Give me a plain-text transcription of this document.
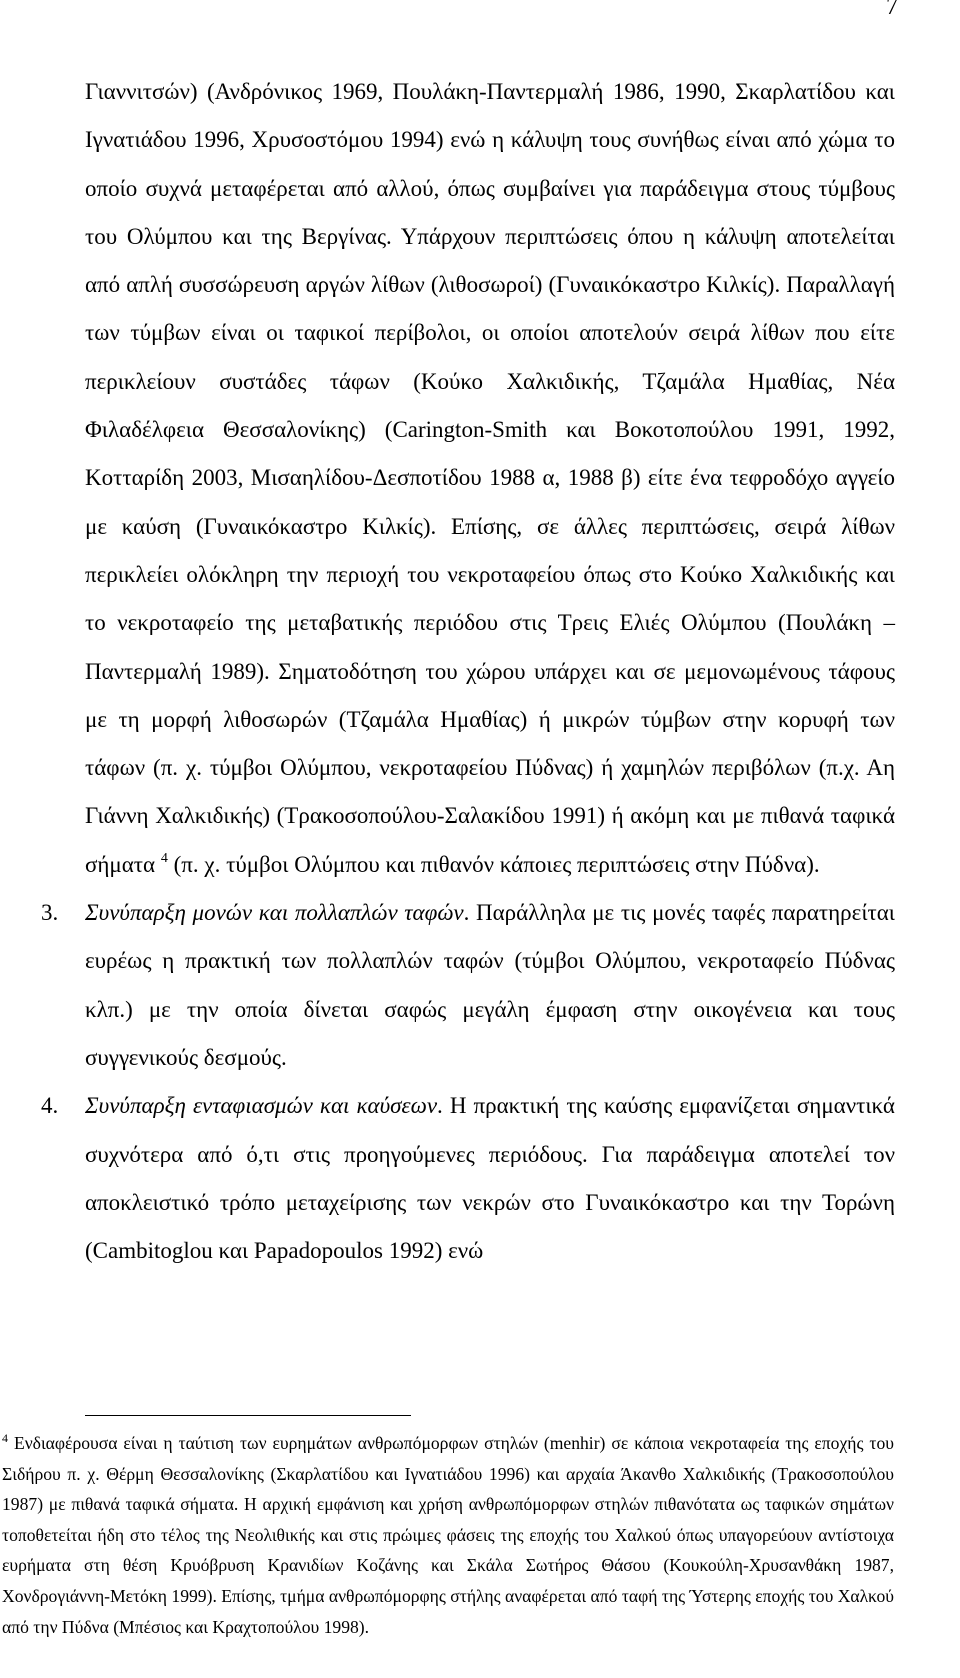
7

Γιαννιτσών) (Ανδρόνικος 1969, Πουλάκη-Παντερμαλή 1986, 1990, Σκαρλατίδου και Ιγνατιάδου 1996, Χρυσοστόμου 1994) ενώ η κάλυψη τους συνήθως είναι από χώμα το οποίο συχνά μεταφέρεται από αλλού, όπως συμβαίνει για παράδειγμα στους τύμβους του Ολύμπου και της Βεργίνας. Υπάρχουν περιπτώσεις όπου η κάλυψη αποτελείται από απλή συσσώρευση αργών λίθων (λιθοσωροί) (Γυναικόκαστρο Κιλκίς). Παραλλαγή των τύμβων είναι οι ταφικοί περίβολοι, οι οποίοι αποτελούν σειρά λίθων που είτε περικλείουν συστάδες τάφων (Κούκο Χαλκιδικής, Τζαμάλα Ημαθίας, Νέα Φιλαδέλφεια Θεσσαλονίκης) (Carington-Smith και Βοκοτοπούλου 1991, 1992, Κοτταρίδη 2003, Μισαηλίδου-Δεσποτίδου 1988 α, 1988 β) είτε ένα τεφροδόχο αγγείο με καύση (Γυναικόκαστρο Κιλκίς). Επίσης, σε άλλες περιπτώσεις, σειρά λίθων περικλείει ολόκληρη την περιοχή του νεκροταφείου όπως στο Κούκο Χαλκιδικής και το νεκροταφείο της μεταβατικής περιόδου στις Τρεις Ελιές Ολύμπου (Πουλάκη –Παντερμαλή 1989). Σηματοδότηση του χώρου υπάρχει και σε μεμονωμένους τάφους με τη μορφή λιθοσωρών (Τζαμάλα Ημαθίας) ή μικρών τύμβων στην κορυφή των τάφων (π. χ. τύμβοι Ολύμπου, νεκροταφείου Πύδνας) ή χαμηλών περιβόλων (π.χ. Αη Γιάννη Χαλκιδικής) (Τρακοσοπούλου-Σαλακίδου 1991) ή ακόμη και με πιθανά ταφικά σήματα $^4$ (π. χ. τύμβοι Ολύμπου και πιθανόν κάποιες περιπτώσεις στην Πύδνα).

3.	Συνύπαρξη μονών και πολλαπλών ταφών. Παράλληλα με τις μονές ταφές παρατηρείται ευρέως η πρακτική των πολλαπλών ταφών (τύμβοι Ολύμπου, νεκροταφείο Πύδνας κλπ.) με την οποία δίνεται σαφώς μεγάλη έμφαση στην οικογένεια και τους συγγενικούς δεσμούς.
4.	Συνύπαρξη ενταφιασμών και καύσεων. Η πρακτική της καύσης εμφανίζεται σημαντικά συχνότερα από ό,τι στις προηγούμενες περιόδους. Για παράδειγμα αποτελεί τον αποκλειστικό τρόπο μεταχείρισης των νεκρών στο Γυναικόκαστρο και την Τορώνη (Cambitoglou και Papadopoulos 1992) ενώ
$^4$ Ενδιαφέρουσα είναι η ταύτιση των ευρημάτων ανθρωπόμορφων στηλών (menhir) σε κάποια νεκροταφεία της εποχής του Σιδήρου π. χ. Θέρμη Θεσσαλονίκης (Σκαρλατίδου και Ιγνατιάδου 1996) και αρχαία Άκανθο Χαλκιδικής (Τρακοσοπούλου 1987) με πιθανά ταφικά σήματα. Η αρχική εμφάνιση και χρήση ανθρωπόμορφων στηλών πιθανότατα ως ταφικών σημάτων τοποθετείται ήδη στο τέλος της Νεολιθικής και στις πρώιμες φάσεις της εποχής του Χαλκού όπως υπαγορεύουν αντίστοιχα ευρήματα στη θέση Κρυόβρυση Κρανιδίων Κοζάνης και Σκάλα Σωτήρος Θάσου (Κουκούλη-Χρυσανθάκη 1987, Χονδρογιάννη-Μετόκη 1999). Επίσης, τμήμα ανθρωπόμορφης στήλης αναφέρεται από ταφή της Ύστερης εποχής του Χαλκού από την Πύδνα (Μπέσιος και Κραχτοπούλου 1998).
